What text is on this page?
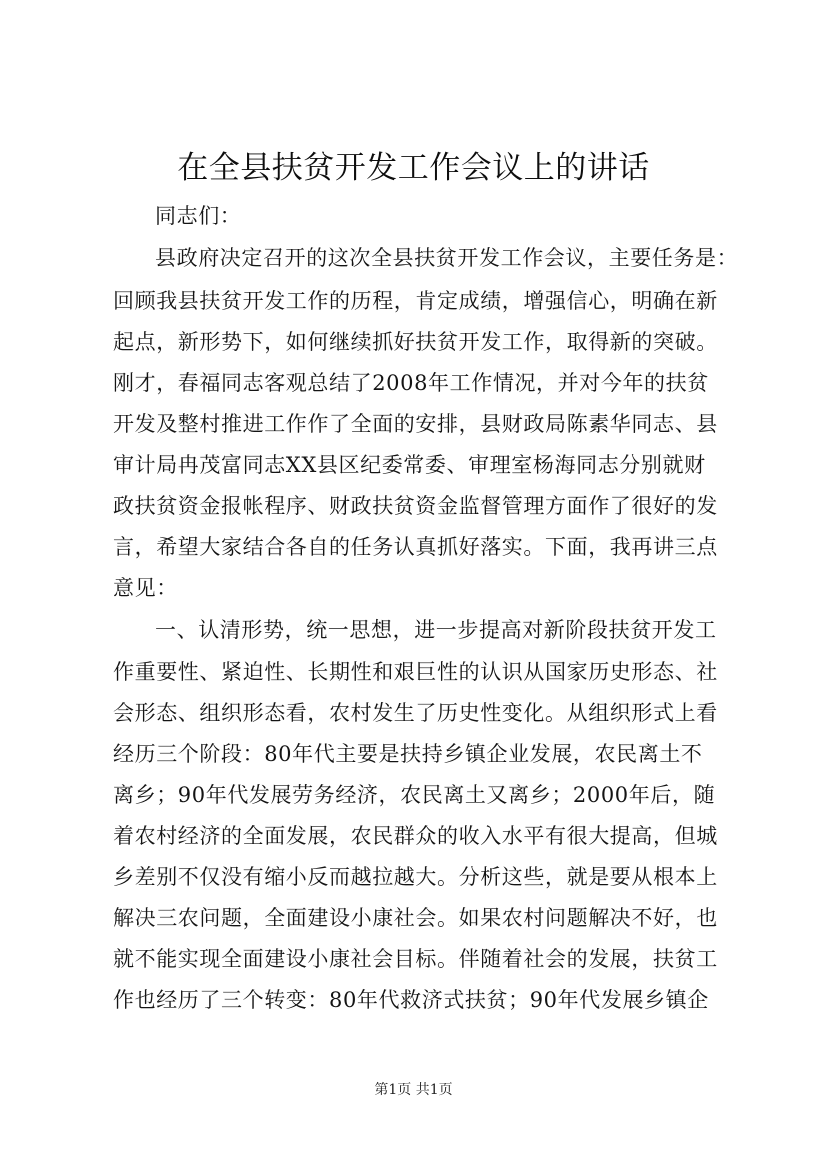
在全县扶贫开发工作会议上的讲话
同志们：
县政府决定召开的这次全县扶贫开发工作会议，主要任务是：
回顾我县扶贫开发工作的历程，肯定成绩，增强信心，明确在新
起点，新形势下，如何继续抓好扶贫开发工作，取得新的突破。
刚才，春福同志客观总结了2008年工作情况，并对今年的扶贫
开发及整村推进工作作了全面的安排，县财政局陈素华同志、县
审计局冉茂富同志XX县区纪委常委、审理室杨海同志分别就财
政扶贫资金报帐程序、财政扶贫资金监督管理方面作了很好的发
言，希望大家结合各自的任务认真抓好落实。下面，我再讲三点
意见：
一、认清形势，统一思想，进一步提高对新阶段扶贫开发工
作重要性、紧迫性、长期性和艰巨性的认识从国家历史形态、社
会形态、组织形态看，农村发生了历史性变化。从组织形式上看
经历三个阶段：80年代主要是扶持乡镇企业发展，农民离土不
离乡；90年代发展劳务经济，农民离土又离乡；2000年后，随
着农村经济的全面发展，农民群众的收入水平有很大提高，但城
乡差别不仅没有缩小反而越拉越大。分析这些，就是要从根本上
解决三农问题，全面建设小康社会。如果农村问题解决不好，也
就不能实现全面建设小康社会目标。伴随着社会的发展，扶贫工
作也经历了三个转变：80年代救济式扶贫；90年代发展乡镇企
第1页 共1页
